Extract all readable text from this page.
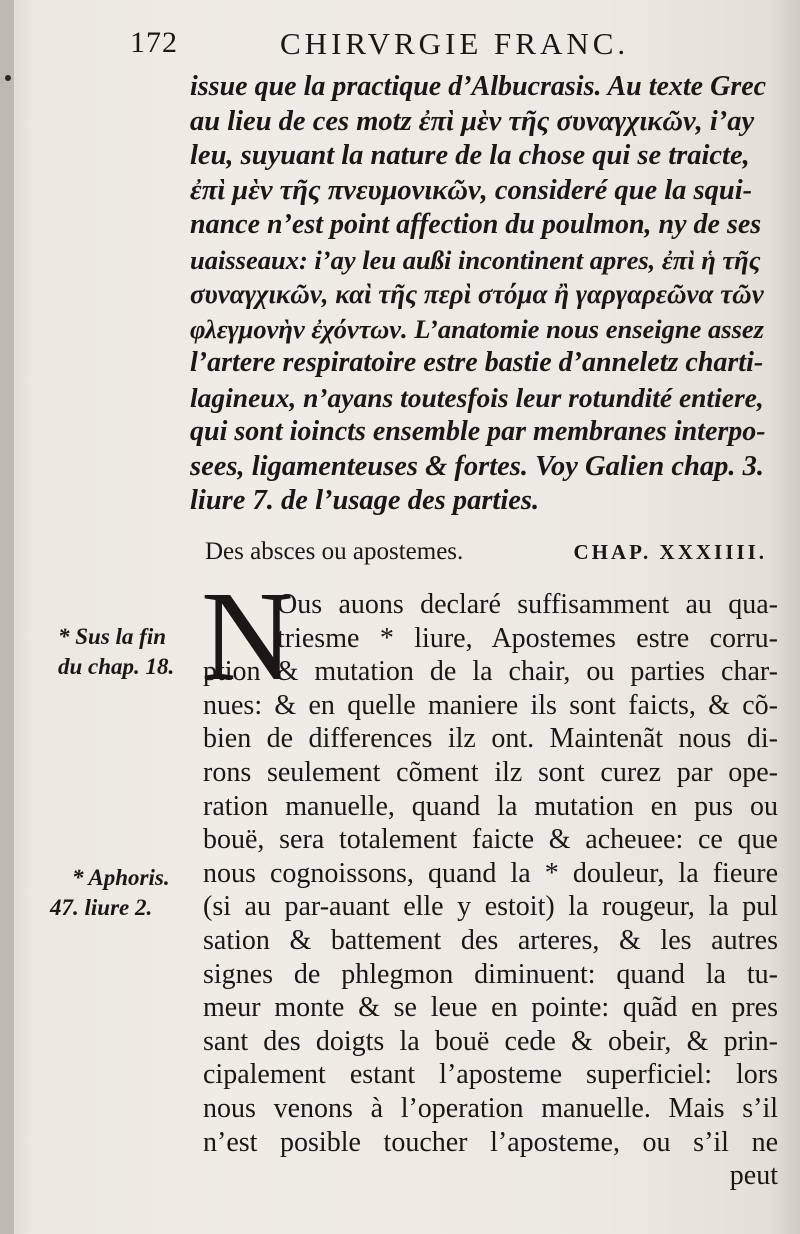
172	CHIRVRGIE FRANC.
issue que la practique d’Albucrasis. Au texte Grec
au lieu de ces motz ἐπὶ μὲν τῆς συναγχικῶν, i’ay
leu, suyuant la nature de la chose qui se traicte,
ἐπὶ μὲν τῆς πνευμονικῶν, consideré que la squi-
nance n’est point affection du poulmon, ny de ses
uaisseaux: i’ay leu außi incontinent apres, ἐπὶ ἡ τῆς
συναγχικῶν, καὶ τῆς περὶ στόμα ἢ γαργαρεῶνα τῶν
φλεγμονὴν ἐχόντων. L’anatomie nous enseigne assez
l’artere respiratoire estre bastie d’anneletz charti-
lagineux, n’ayans toutesfois leur rotundité entiere,
qui sont ioincts ensemble par membranes interpo-
sees, ligamenteuses & fortes. Voy Galien chap. 3.
liure 7. de l’usage des parties.
Des absces ou apostemes.	CHAP. XXXIIII.
N
Ous auons declaré suffisamment au qua-
triesme * liure, Apostemes estre corru-
ption & mutation de la chair, ou parties char-
nues: & en quelle maniere ils sont faicts, & cõ-
bien de differences ilz ont. Maintenãt nous di-
rons seulement cõment ilz sont curez par ope-
ration manuelle, quand la mutation en pus ou
bouë, sera totalement faicte & acheuee: ce que
nous cognoissons, quand la * douleur, la fieure
(si au par-auant elle y estoit) la rougeur, la pul
sation & battement des arteres, & les autres
signes de phlegmon diminuent: quand la tu-
meur monte & se leue en pointe: quãd en pres
sant des doigts la bouë cede & obeir, & prin-
cipalement estant l’aposteme superficiel: lors
nous venons à l’operation manuelle. Mais s’il
n’est posible toucher l’aposteme, ou s’il ne
peut
* Sus la fin
du chap. 18.
* Aphoris.
47. liure 2.
